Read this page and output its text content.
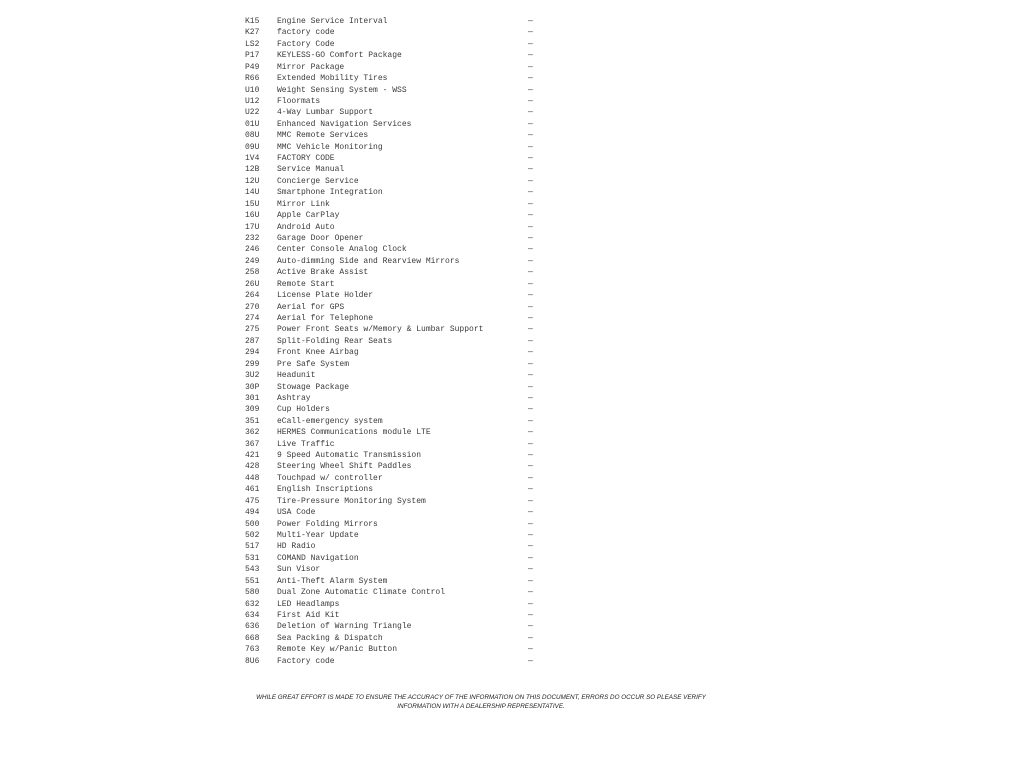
K15 Engine Service Interval	—
K27 factory code	—
LS2 Factory Code	—
P17 KEYLESS-GO Comfort Package	—
P49 Mirror Package	—
R66 Extended Mobility Tires	—
U10 Weight Sensing System - WSS	—
U12 Floormats	—
U22 4-Way Lumbar Support	—
01U Enhanced Navigation Services	—
08U MMC Remote Services	—
09U MMC Vehicle Monitoring	—
1V4 FACTORY CODE	—
12B Service Manual	—
12U Concierge Service	—
14U Smartphone Integration	—
15U Mirror Link	—
16U Apple CarPlay	—
17U Android Auto	—
232 Garage Door Opener	—
246 Center Console Analog Clock	—
249 Auto-dimming Side and Rearview Mirrors	—
258 Active Brake Assist	—
26U Remote Start	—
264 License Plate Holder	—
270 Aerial for GPS	—
274 Aerial for Telephone	—
275 Power Front Seats w/Memory & Lumbar Support	—
287 Split-Folding Rear Seats	—
294 Front Knee Airbag	—
299 Pre Safe System	—
3U2 Headunit	—
30P Stowage Package	—
301 Ashtray	—
309 Cup Holders	—
351 eCall-emergency system	—
362 HERMES Communications module LTE	—
367 Live Traffic	—
421 9 Speed Automatic Transmission	—
428 Steering Wheel Shift Paddles	—
448 Touchpad w/ controller	—
461 English Inscriptions	—
475 Tire-Pressure Monitoring System	—
494 USA Code	—
500 Power Folding Mirrors	—
502 Multi-Year Update	—
517 HD Radio	—
531 COMAND Navigation	—
543 Sun Visor	—
551 Anti-Theft Alarm System	—
580 Dual Zone Automatic Climate Control	—
632 LED Headlamps	—
634 First Aid Kit	—
636 Deletion of Warning Triangle	—
668 Sea Packing & Dispatch	—
763 Remote Key w/Panic Button	—
8U6 Factory code	—
WHILE GREAT EFFORT IS MADE TO ENSURE THE ACCURACY OF THE INFORMATION ON THIS DOCUMENT, ERRORS DO OCCUR SO PLEASE VERIFY INFORMATION WITH A DEALERSHIP REPRESENTATIVE.
